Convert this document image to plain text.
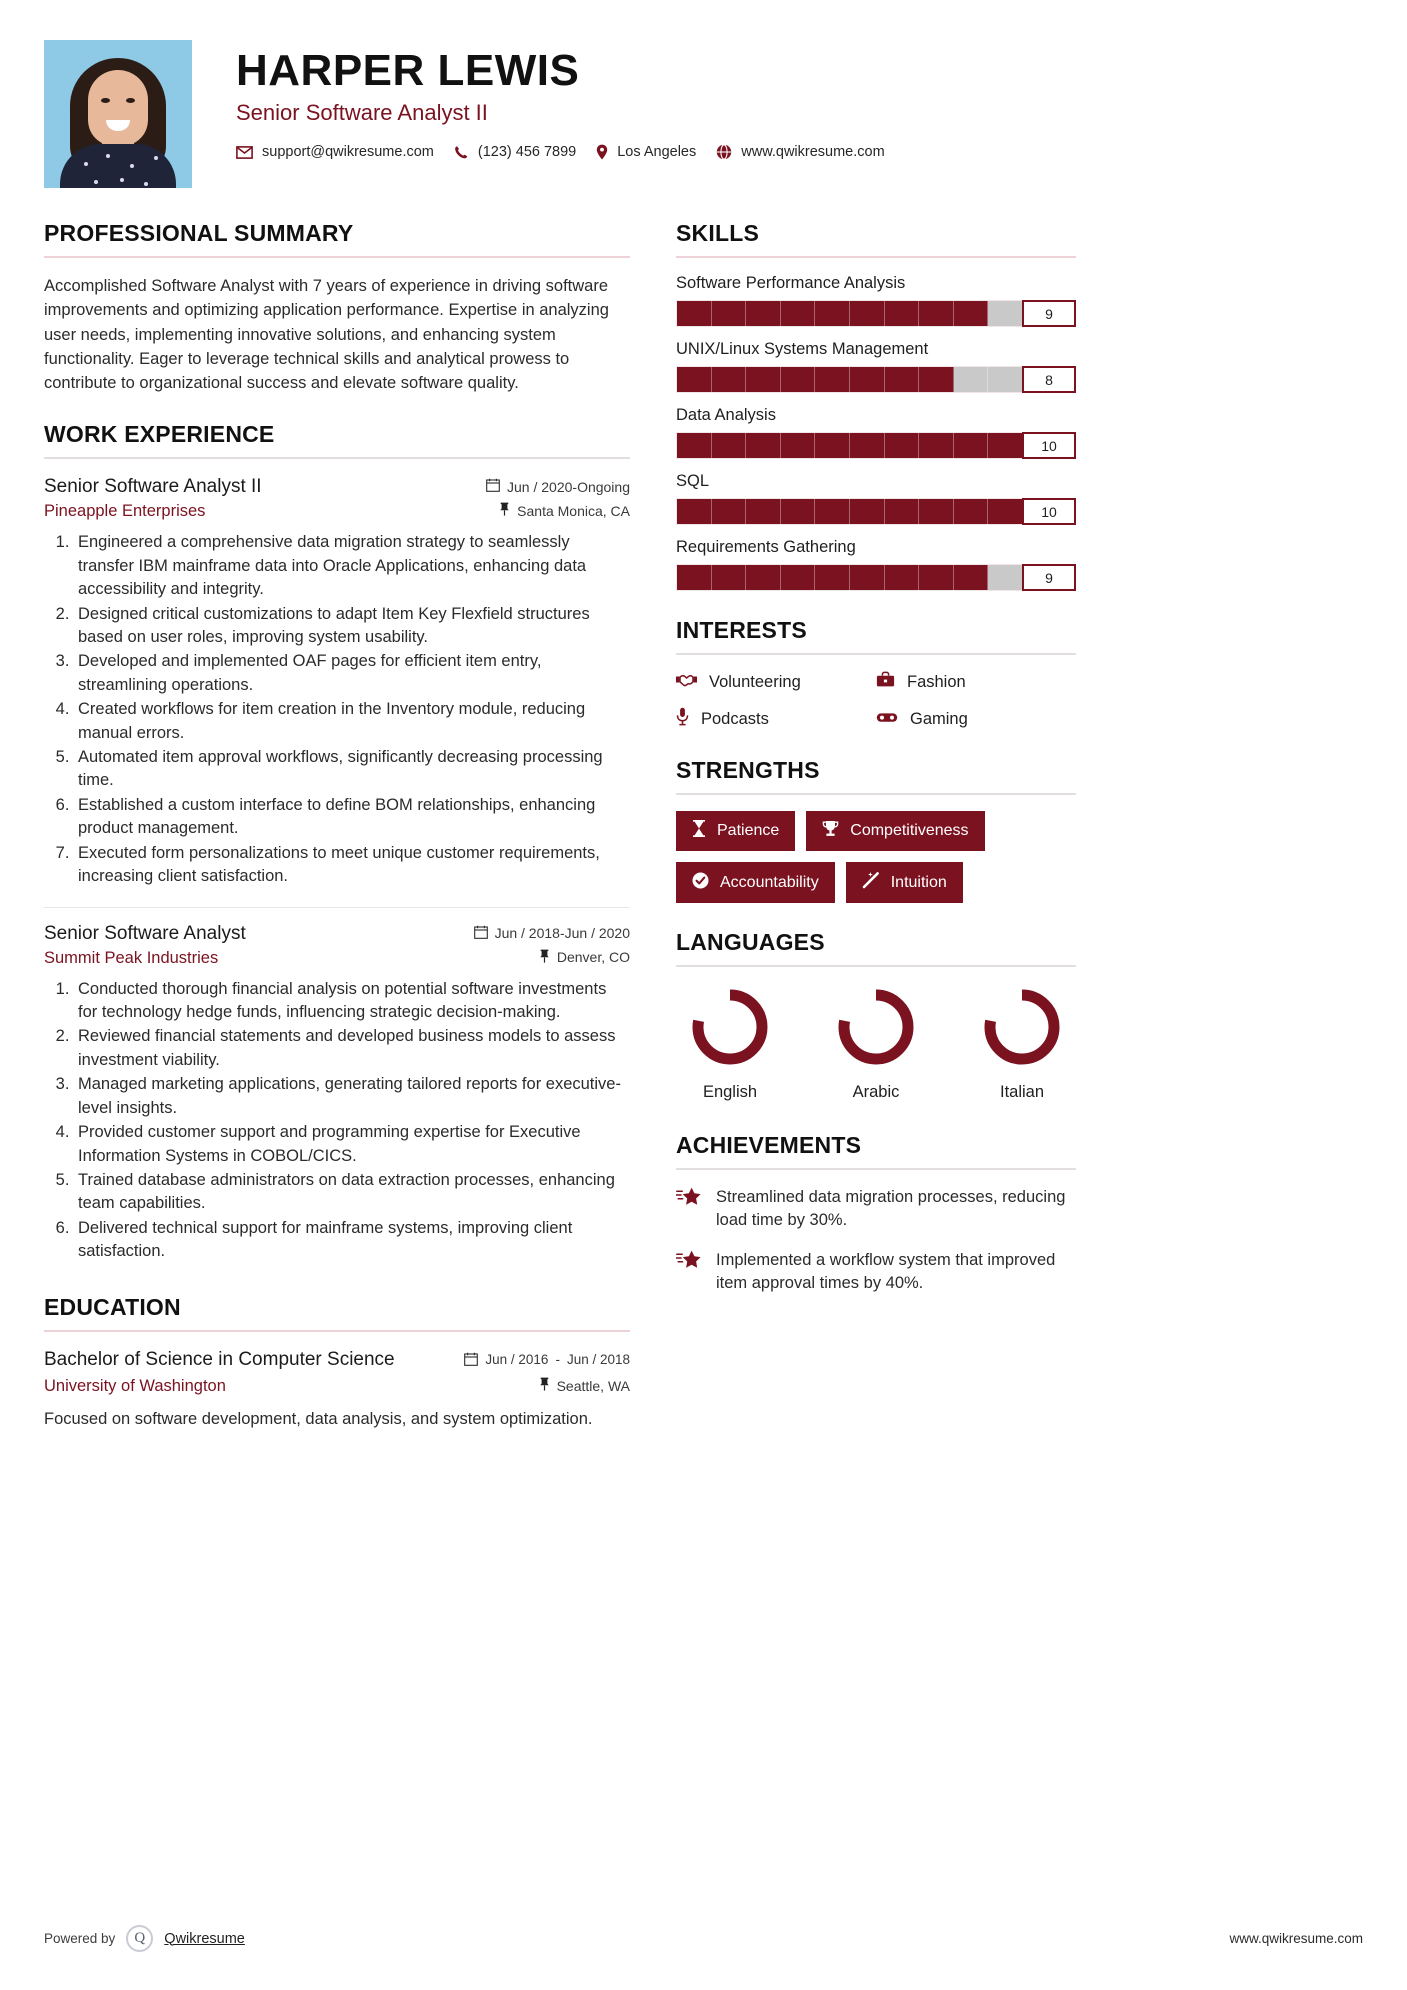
HARPER LEWIS
Senior Software Analyst II
support@qwikresume.com	(123) 456 7899	Los Angeles	www.qwikresume.com
PROFESSIONAL SUMMARY
Accomplished Software Analyst with 7 years of experience in driving software improvements and optimizing application performance. Expertise in analyzing user needs, implementing innovative solutions, and enhancing system functionality. Eager to leverage technical skills and analytical prowess to contribute to organizational success and elevate software quality.
WORK EXPERIENCE
Senior Software Analyst II	Jun / 2020-Ongoing
Pineapple Enterprises	Santa Monica, CA
1. Engineered a comprehensive data migration strategy to seamlessly transfer IBM mainframe data into Oracle Applications, enhancing data accessibility and integrity.
2. Designed critical customizations to adapt Item Key Flexfield structures based on user roles, improving system usability.
3. Developed and implemented OAF pages for efficient item entry, streamlining operations.
4. Created workflows for item creation in the Inventory module, reducing manual errors.
5. Automated item approval workflows, significantly decreasing processing time.
6. Established a custom interface to define BOM relationships, enhancing product management.
7. Executed form personalizations to meet unique customer requirements, increasing client satisfaction.
Senior Software Analyst	Jun / 2018-Jun / 2020
Summit Peak Industries	Denver, CO
1. Conducted thorough financial analysis on potential software investments for technology hedge funds, influencing strategic decision-making.
2. Reviewed financial statements and developed business models to assess investment viability.
3. Managed marketing applications, generating tailored reports for executive-level insights.
4. Provided customer support and programming expertise for Executive Information Systems in COBOL/CICS.
5. Trained database administrators on data extraction processes, enhancing team capabilities.
6. Delivered technical support for mainframe systems, improving client satisfaction.
EDUCATION
Bachelor of Science in Computer Science	Jun / 2016 - Jun / 2018
University of Washington	Seattle, WA
Focused on software development, data analysis, and system optimization.
SKILLS
Software Performance Analysis
9
UNIX/Linux Systems Management
8
Data Analysis
10
SQL
10
Requirements Gathering
9
INTERESTS
Volunteering	Fashion
Podcasts	Gaming
STRENGTHS
Patience	Competitiveness
Accountability	Intuition
LANGUAGES
English	Arabic	Italian
ACHIEVEMENTS
Streamlined data migration processes, reducing load time by 30%.
Implemented a workflow system that improved item approval times by 40%.
Powered by	Q	Qwikresume	www.qwikresume.com
